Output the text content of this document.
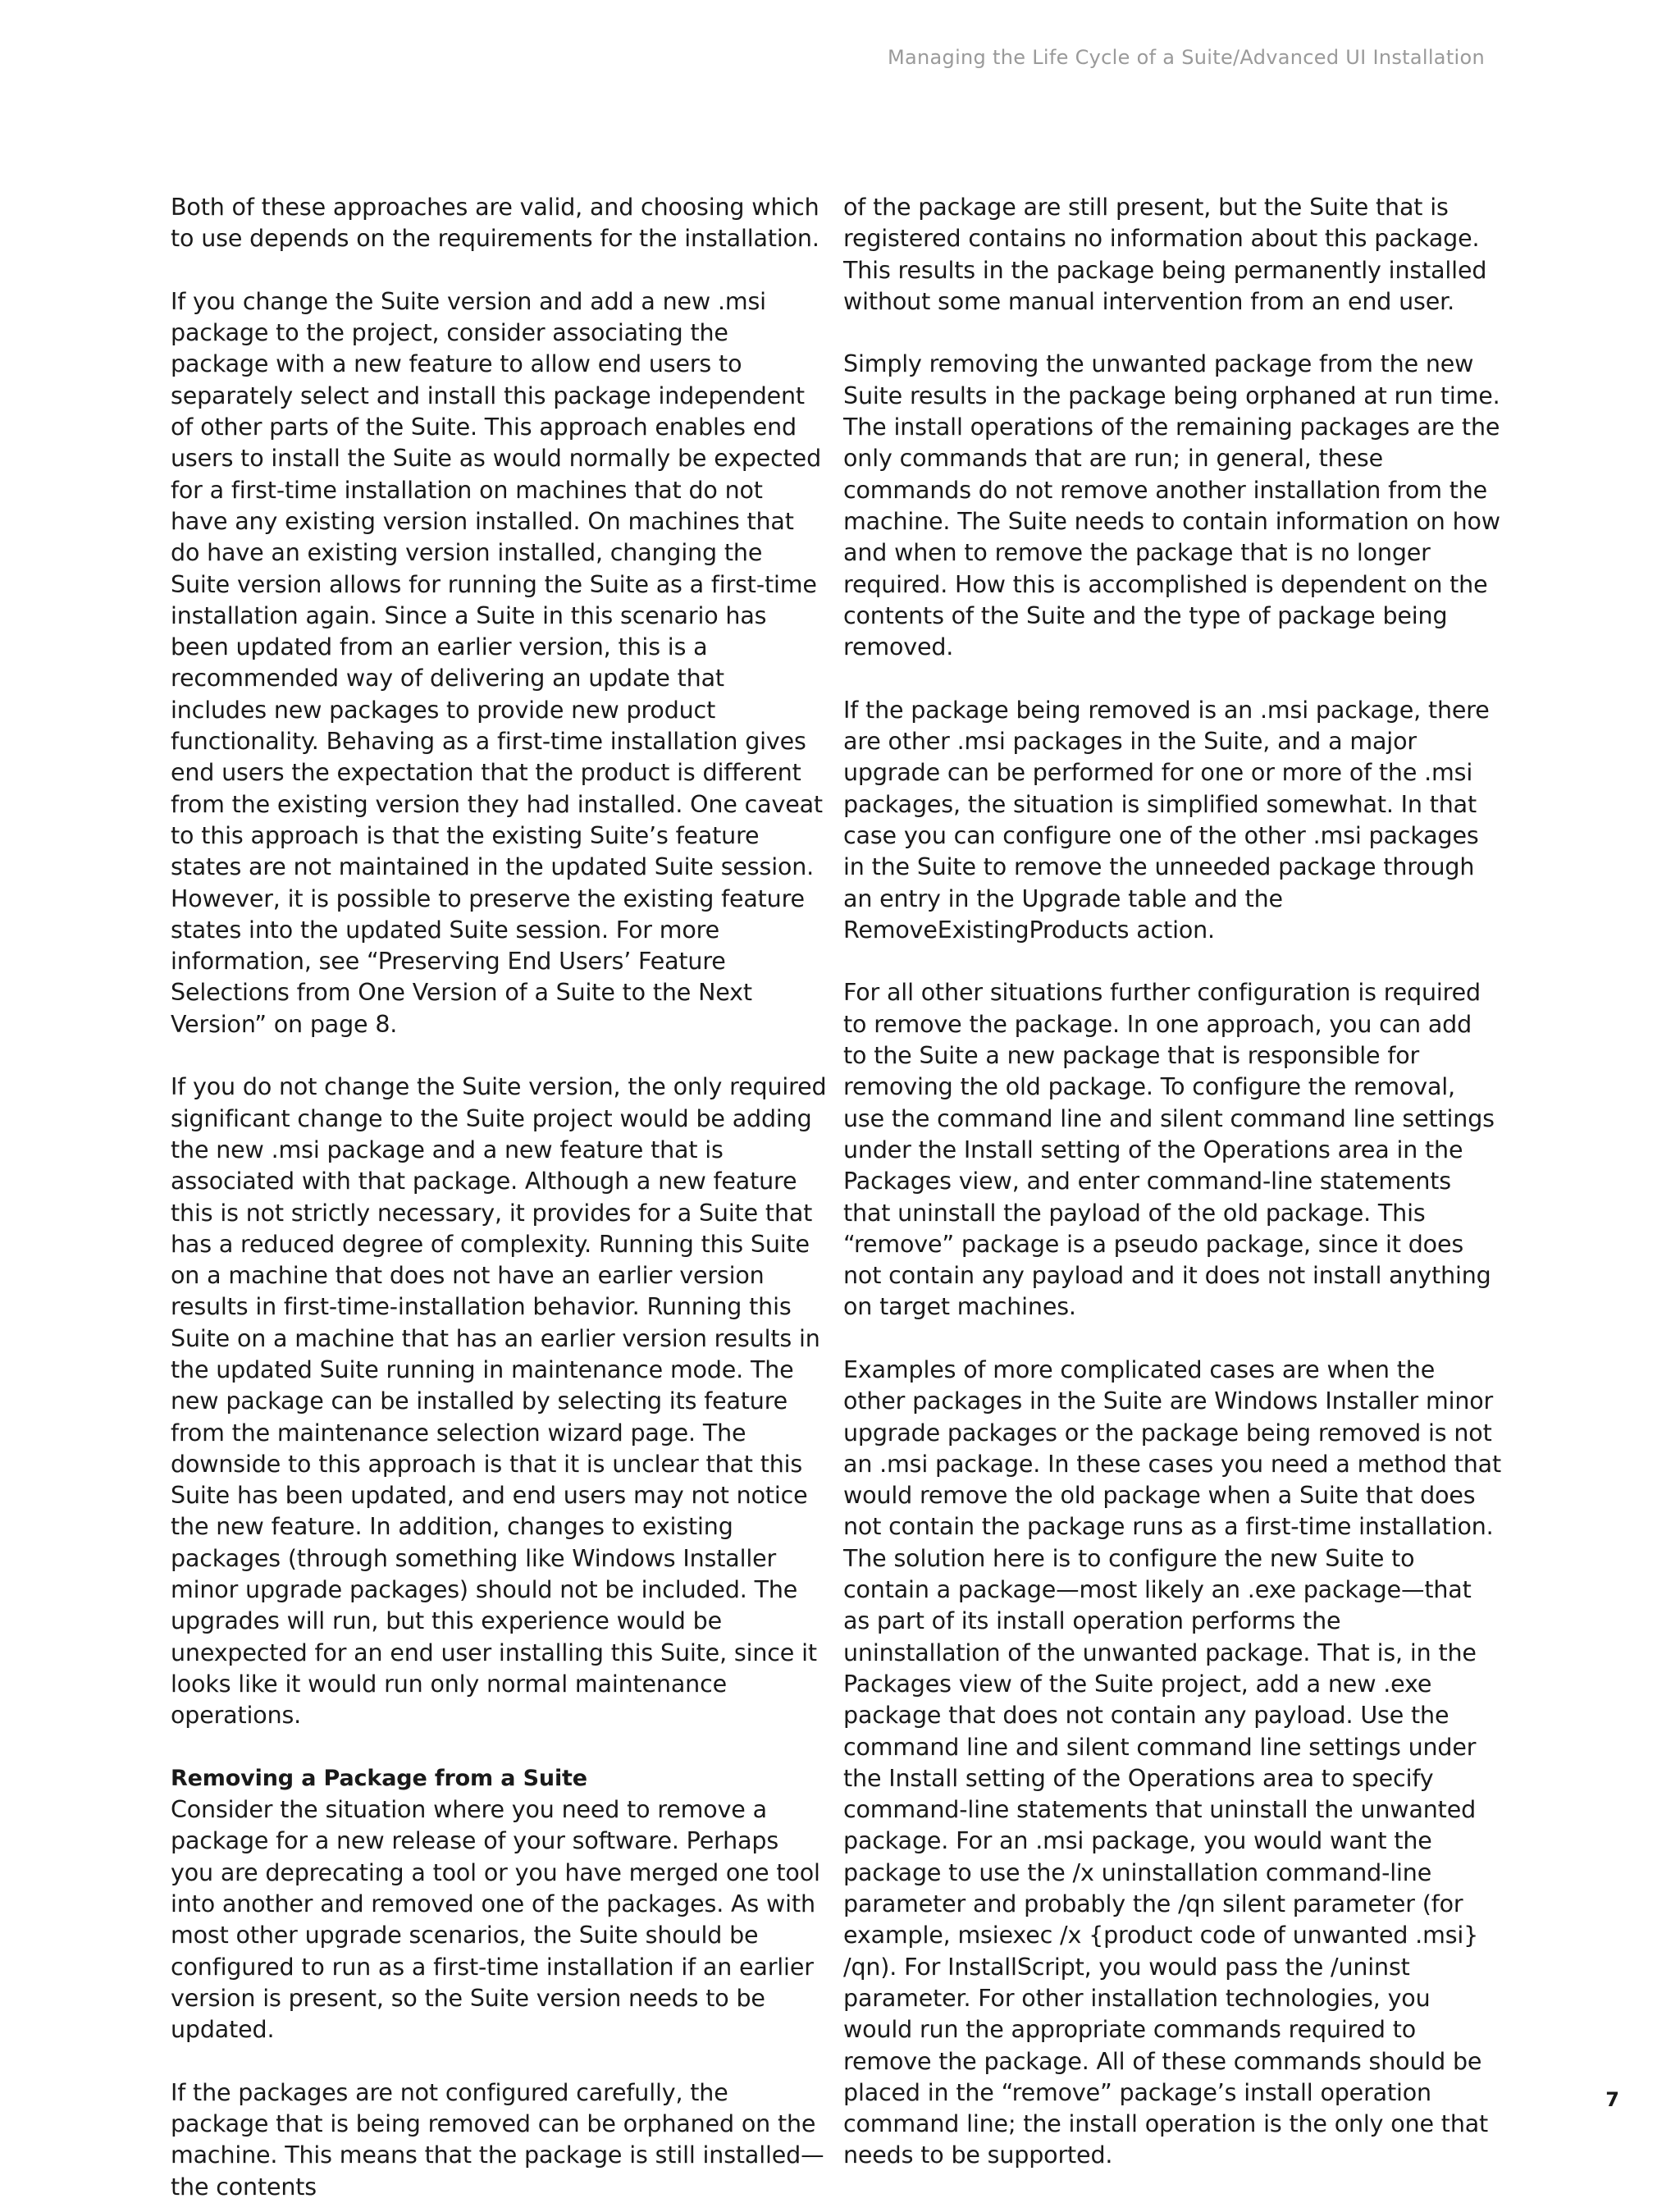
Managing the Life Cycle of a Suite/Advanced UI Installation

Both of these approaches are valid, and choosing which to use depends on the requirements for the installation.

If you change the Suite version and add a new .msi package to the project, consider associating the package with a new feature to allow end users to separately select and install this package independent of other parts of the Suite. This approach enables end users to install the Suite as would normally be expected for a first-time installation on machines that do not have any existing version installed. On machines that do have an existing version installed, changing the Suite version allows for running the Suite as a first-time installation again. Since a Suite in this scenario has been updated from an earlier version, this is a recommended way of delivering an update that includes new packages to provide new product functionality. Behaving as a first-time installation gives end users the expectation that the product is different from the existing version they had installed. One caveat to this approach is that the existing Suite’s feature states are not maintained in the updated Suite session. However, it is possible to preserve the existing feature states into the updated Suite session. For more information, see “Preserving End Users’ Feature Selections from One Version of a Suite to the Next Version” on page 8.

If you do not change the Suite version, the only required significant change to the Suite project would be adding the new .msi package and a new feature that is associated with that package. Although a new feature this is not strictly necessary, it provides for a Suite that has a reduced degree of complexity. Running this Suite on a machine that does not have an earlier version results in first-time-installation behavior. Running this Suite on a machine that has an earlier version results in the updated Suite running in maintenance mode. The new package can be installed by selecting its feature from the maintenance selection wizard page. The downside to this approach is that it is unclear that this Suite has been updated, and end users may not notice the new feature. In addition, changes to existing packages (through something like Windows Installer minor upgrade packages) should not be included. The upgrades will run, but this experience would be unexpected for an end user installing this Suite, since it looks like it would run only normal maintenance operations.

Removing a Package from a Suite

Consider the situation where you need to remove a package for a new release of your software. Perhaps you are deprecating a tool or you have merged one tool into another and removed one of the packages. As with most other upgrade scenarios, the Suite should be configured to run as a first-time installation if an earlier version is present, so the Suite version needs to be updated.

If the packages are not configured carefully, the package that is being removed can be orphaned on the machine. This means that the package is still installed—the contents

of the package are still present, but the Suite that is registered contains no information about this package. This results in the package being permanently installed without some manual intervention from an end user.

Simply removing the unwanted package from the new Suite results in the package being orphaned at run time. The install operations of the remaining packages are the only commands that are run; in general, these commands do not remove another installation from the machine. The Suite needs to contain information on how and when to remove the package that is no longer required. How this is accomplished is dependent on the contents of the Suite and the type of package being removed.

If the package being removed is an .msi package, there are other .msi packages in the Suite, and a major upgrade can be performed for one or more of the .msi packages, the situation is simplified somewhat. In that case you can configure one of the other .msi packages in the Suite to remove the unneeded package through an entry in the Upgrade table and the RemoveExistingProducts action.

For all other situations further configuration is required to remove the package. In one approach, you can add to the Suite a new package that is responsible for removing the old package. To configure the removal, use the command line and silent command line settings under the Install setting of the Operations area in the Packages view, and enter command-line statements that uninstall the payload of the old package. This “remove” package is a pseudo package, since it does not contain any payload and it does not install anything on target machines.

Examples of more complicated cases are when the other packages in the Suite are Windows Installer minor upgrade packages or the package being removed is not an .msi package. In these cases you need a method that would remove the old package when a Suite that does not contain the package runs as a first-time installation. The solution here is to configure the new Suite to contain a package—most likely an .exe package—that as part of its install operation performs the uninstallation of the unwanted package. That is, in the Packages view of the Suite project, add a new .exe package that does not contain any payload. Use the command line and silent command line settings under the Install setting of the Operations area to specify command-line statements that uninstall the unwanted package. For an .msi package, you would want the package to use the /x uninstallation command-line parameter and probably the /qn silent parameter (for example, msiexec /x {product code of unwanted .msi} /qn). For InstallScript, you would pass the /uninst parameter. For other installation technologies, you would run the appropriate commands required to remove the package. All of these commands should be placed in the “remove” package’s install operation command line; the install operation is the only one that needs to be supported.

7
